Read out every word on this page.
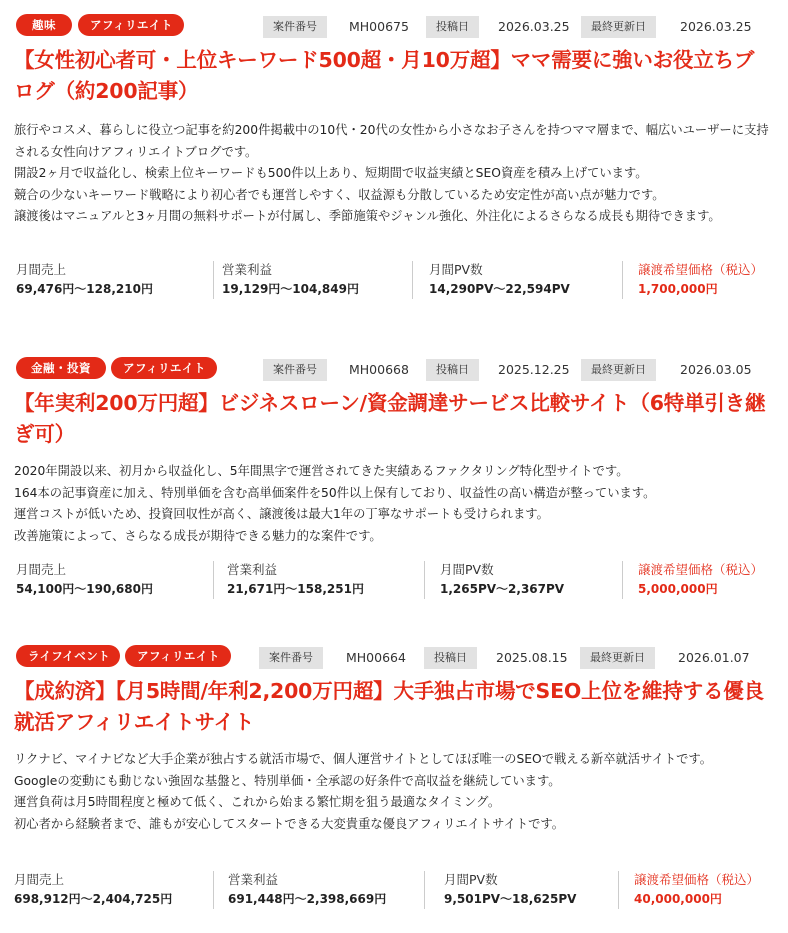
趣味	アフィリエイト	案件番号	MH00675	投稿日	2026.03.25	最終更新日	2026.03.25
【女性初心者可・上位キーワード500超・月10万超】ママ需要に強いお役立ちブログ（約200記事）

旅行やコスメ、暮らしに役立つ記事を約200件掲載中の10代・20代の女性から小さなお子さんを持つママ層まで、幅広いユーザーに支持される女性向けアフィリエイトブログです。

開設2ヶ月で収益化し、検索上位キーワードも500件以上あり、短期間で収益実績とSEO資産を積み上げています。

競合の少ないキーワード戦略により初心者でも運営しやすく、収益源も分散しているため安定性が高い点が魅力です。

譲渡後はマニュアルと3ヶ月間の無料サポートが付属し、季節施策やジャンル強化、外注化によるさらなる成長も期待できます。

月間売上
69,476円〜128,210円
営業利益
19,129円〜104,849円
月間PV数
14,290PV〜22,594PV
譲渡希望価格（税込）
1,700,000円
金融・投資	アフィリエイト	案件番号	MH00668	投稿日	2025.12.25	最終更新日	2026.03.05
【年実利200万円超】ビジネスローン/資金調達サービス比較サイト（6特単引き継ぎ可）

2020年開設以来、初月から収益化し、5年間黒字で運営されてきた実績あるファクタリング特化型サイトです。

164本の記事資産に加え、特別単価を含む高単価案件を50件以上保有しており、収益性の高い構造が整っています。

運営コストが低いため、投資回収性が高く、譲渡後は最大1年の丁寧なサポートも受けられます。

改善施策によって、さらなる成長が期待できる魅力的な案件です。

月間売上
54,100円〜190,680円
営業利益
21,671円〜158,251円
月間PV数
1,265PV〜2,367PV
譲渡希望価格（税込）
5,000,000円
ライフイベント	アフィリエイト	案件番号	MH00664	投稿日	2025.08.15	最終更新日	2026.01.07
【成約済】【月5時間/年利2,200万円超】大手独占市場でSEO上位を維持する優良就活アフィリエイトサイト

リクナビ、マイナビなど大手企業が独占する就活市場で、個人運営サイトとしてほぼ唯一のSEOで戦える新卒就活サイトです。

Googleの変動にも動じない強固な基盤と、特別単価・全承認の好条件で高収益を継続しています。

運営負荷は月5時間程度と極めて低く、これから始まる繁忙期を狙う最適なタイミング。

初心者から経験者まで、誰もが安心してスタートできる大変貴重な優良アフィリエイトサイトです。

月間売上
698,912円〜2,404,725円
営業利益
691,448円〜2,398,669円
月間PV数
9,501PV〜18,625PV
譲渡希望価格（税込）
40,000,000円
